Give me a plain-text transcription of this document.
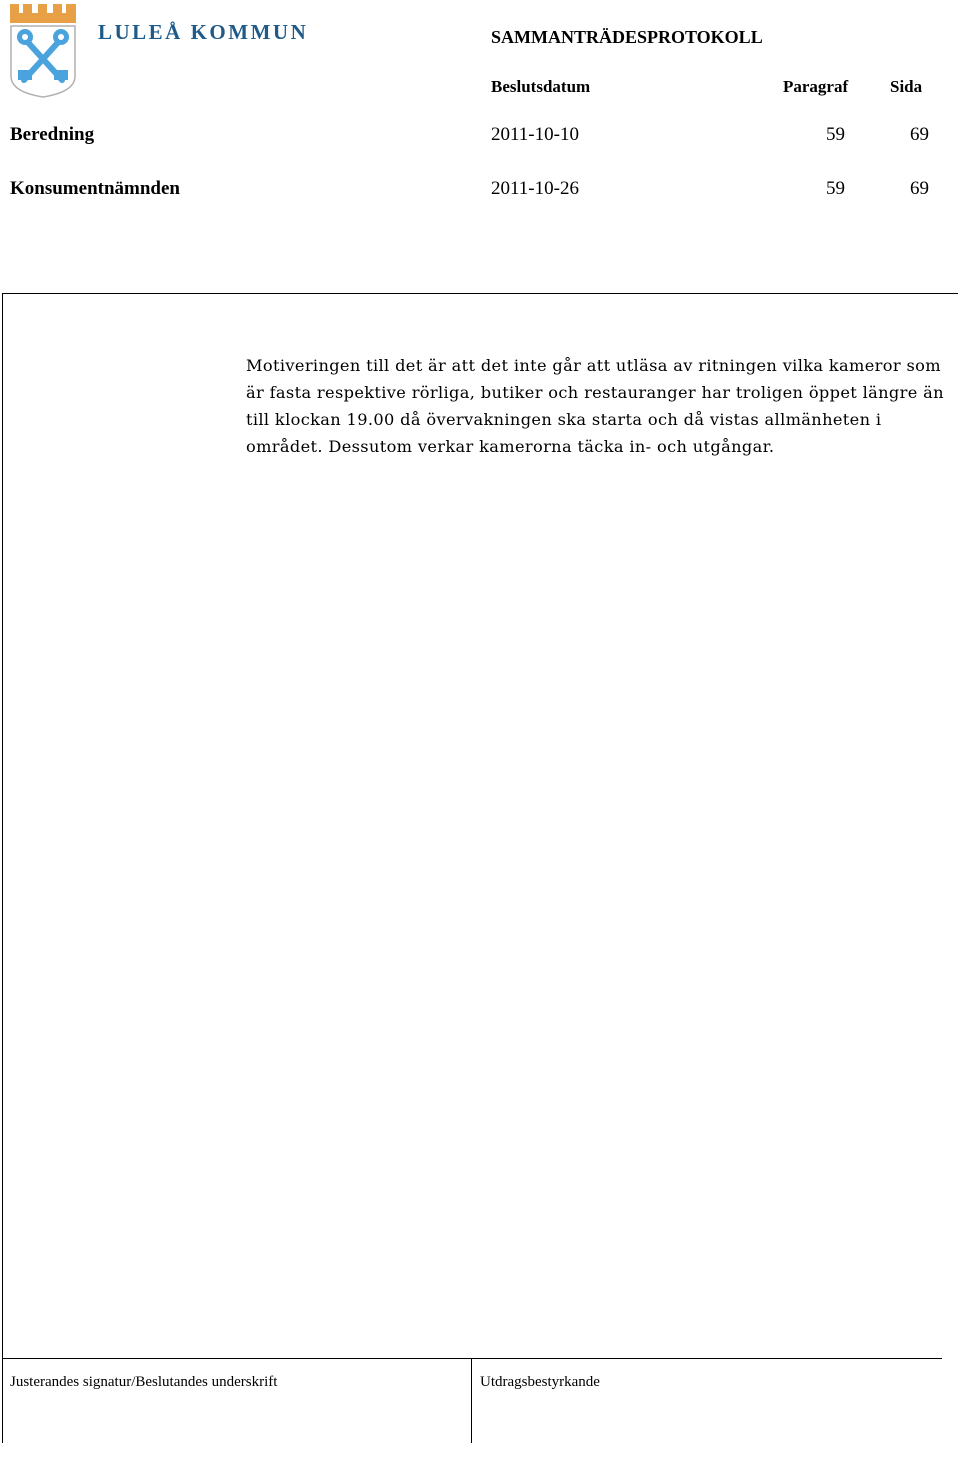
LULEÅ KOMMUN	SAMMANTRÄDESPROTOKOLL
Beslutsdatum	Paragraf Sida
Beredning	2011-10-10	59	69
Konsumentnämnden	2011-10-26	59	69

Motiveringen till det är att det inte går att utläsa av ritningen vilka kameror som är fasta respektive rörliga, butiker och restauranger har troligen öppet längre än till klockan 19.00 då övervakningen ska starta och då vistas allmänheten i området. Dessutom verkar kamerorna täcka in- och utgångar.

Justerandes signatur/Beslutandes underskrift	Utdragsbestyrkande
